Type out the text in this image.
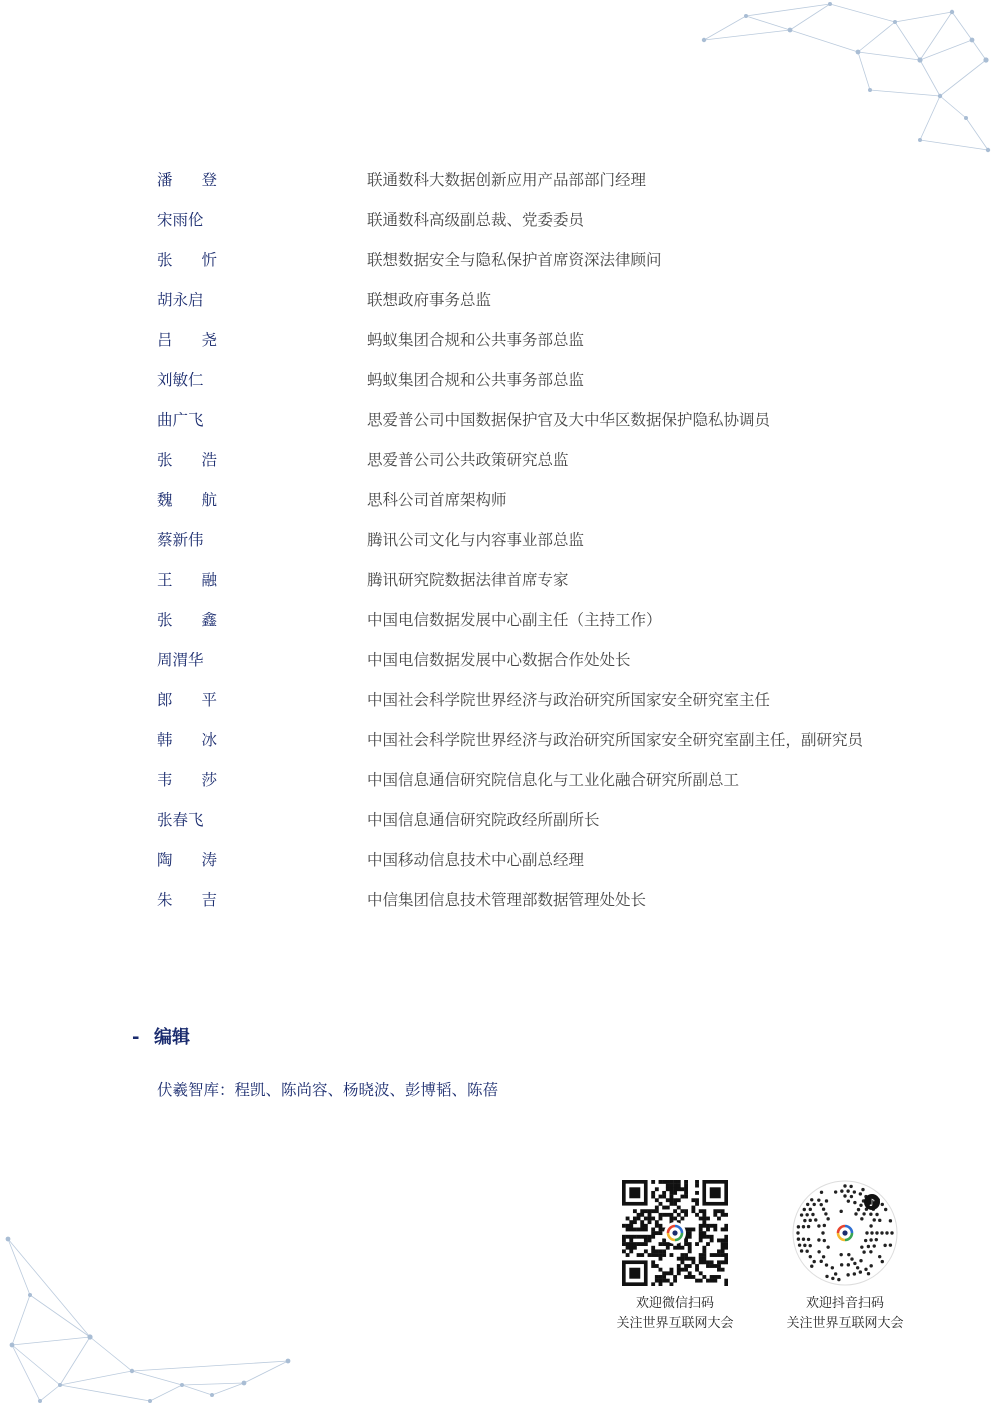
潘 登	联通数科大数据创新应用产品部部门经理
宋雨伦	联通数科高级副总裁、党委委员
张 忻	联想数据安全与隐私保护首席资深法律顾问
胡永启	联想政府事务总监
吕 尧	蚂蚁集团合规和公共事务部总监
刘敏仁	蚂蚁集团合规和公共事务部总监
曲广飞	思爱普公司中国数据保护官及大中华区数据保护隐私协调员
张 浩	思爱普公司公共政策研究总监
魏 航	思科公司首席架构师
蔡新伟	腾讯公司文化与内容事业部总监
王 融	腾讯研究院数据法律首席专家
张 鑫	中国电信数据发展中心副主任（主持工作）
周渭华	中国电信数据发展中心数据合作处处长
郎 平	中国社会科学院世界经济与政治研究所国家安全研究室主任
韩 冰	中国社会科学院世界经济与政治研究所国家安全研究室副主任，副研究员
韦 莎	中国信息通信研究院信息化与工业化融合研究所副总工
张春飞	中国信息通信研究院政经所副所长
陶 涛	中国移动信息技术中心副总经理
朱 吉	中信集团信息技术管理部数据管理处处长
- 编辑
伏羲智库：程凯、陈尚容、杨晓波、彭博韬、陈蓓
欢迎微信扫码
关注世界互联网大会
♪
欢迎抖音扫码
关注世界互联网大会
